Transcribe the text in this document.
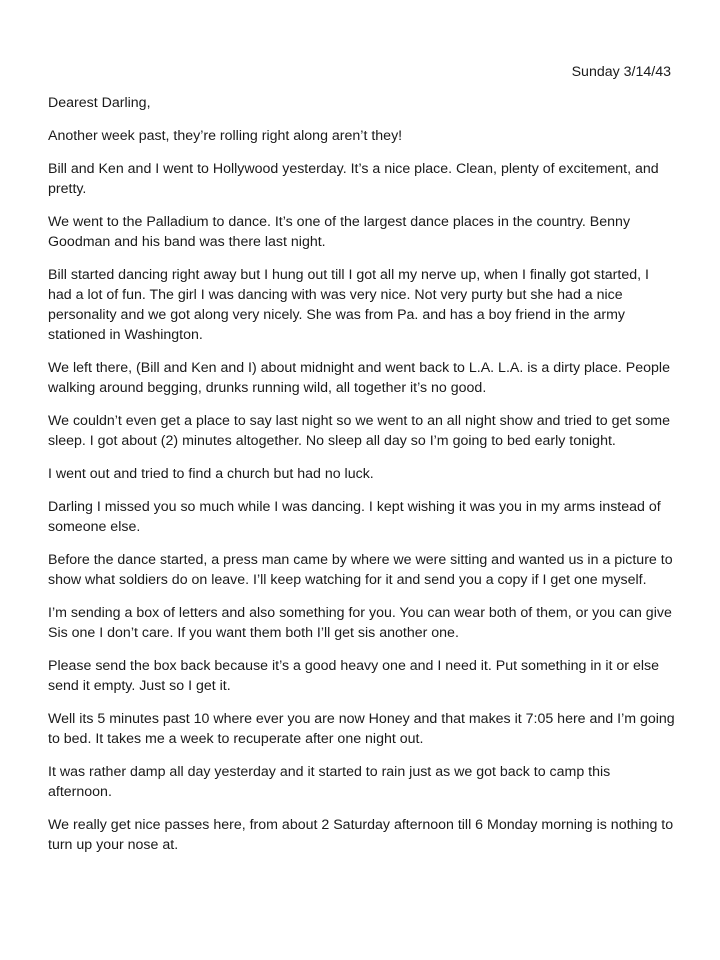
Sunday 3/14/43

Dearest Darling,

Another week past, they’re rolling right along aren’t they!

Bill and Ken and I went to Hollywood yesterday. It’s a nice place. Clean, plenty of excitement, and pretty.

We went to the Palladium to dance. It’s one of the largest dance places in the country. Benny Goodman and his band was there last night.

Bill started dancing right away but I hung out till I got all my nerve up, when I finally got started, I had a lot of fun. The girl I was dancing with was very nice. Not very purty but she had a nice personality and we got along very nicely. She was from Pa. and has a boy friend in the army stationed in Washington.

We left there, (Bill and Ken and I) about midnight and went back to L.A. L.A. is a dirty place. People walking around begging, drunks running wild, all together it’s no good.

We couldn’t even get a place to say last night so we went to an all night show and tried to get some sleep. I got about (2) minutes altogether. No sleep all day so I’m going to bed early tonight.

I went out and tried to find a church but had no luck.

Darling I missed you so much while I was dancing. I kept wishing it was you in my arms instead of someone else.

Before the dance started, a press man came by where we were sitting and wanted us in a picture to show what soldiers do on leave. I’ll keep watching for it and send you a copy if I get one myself.

I’m sending a box of letters and also something for you. You can wear both of them, or you can give Sis one I don’t care. If you want them both I’ll get sis another one.

Please send the box back because it’s a good heavy one and I need it. Put something in it or else send it empty. Just so I get it.

Well its 5 minutes past 10 where ever you are now Honey and that makes it 7:05 here and I’m going to bed. It takes me a week to recuperate after one night out.

It was rather damp all day yesterday and it started to rain just as we got back to camp this afternoon.

We really get nice passes here, from about 2 Saturday afternoon till 6 Monday morning is nothing to turn up your nose at.
